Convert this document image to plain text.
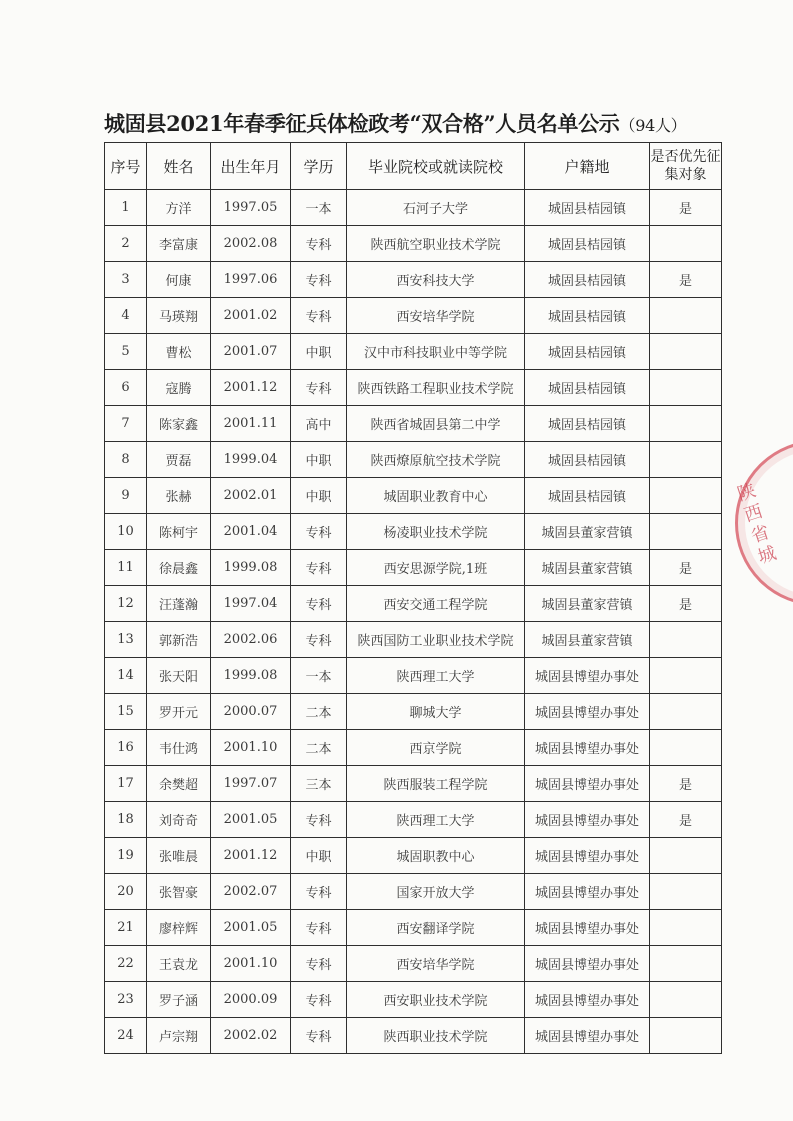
城固县2021年春季征兵体检政考“双合格”人员名单公示（94人）
序号	姓名	出生年月	学历	毕业院校或就读院校	户籍地	是否优先征集对象
1	方洋	1997.05	一本	石河子大学	城固县桔园镇	是
2	李富康	2002.08	专科	陕西航空职业技术学院	城固县桔园镇	
3	何康	1997.06	专科	西安科技大学	城固县桔园镇	是
4	马瑛翔	2001.02	专科	西安培华学院	城固县桔园镇	
5	曹松	2001.07	中职	汉中市科技职业中等学院	城固县桔园镇	
6	寇腾	2001.12	专科	陕西铁路工程职业技术学院	城固县桔园镇	
7	陈家鑫	2001.11	高中	陕西省城固县第二中学	城固县桔园镇	
8	贾磊	1999.04	中职	陕西燎原航空技术学院	城固县桔园镇	
9	张赫	2002.01	中职	城固职业教育中心	城固县桔园镇	
10	陈柯宇	2001.04	专科	杨凌职业技术学院	城固县董家营镇	
11	徐晨鑫	1999.08	专科	西安思源学院,1班	城固县董家营镇	是
12	汪蓬瀚	1997.04	专科	西安交通工程学院	城固县董家营镇	是
13	郭新浩	2002.06	专科	陕西国防工业职业技术学院	城固县董家营镇	
14	张天阳	1999.08	一本	陕西理工大学	城固县博望办事处	
15	罗开元	2000.07	二本	聊城大学	城固县博望办事处	
16	韦仕鸿	2001.10	二本	西京学院	城固县博望办事处	
17	余樊超	1997.07	三本	陕西服装工程学院	城固县博望办事处	是
18	刘奇奇	2001.05	专科	陕西理工大学	城固县博望办事处	是
19	张唯晨	2001.12	中职	城固职教中心	城固县博望办事处	
20	张智豪	2002.07	专科	国家开放大学	城固县博望办事处	
21	廖梓辉	2001.05	专科	西安翻译学院	城固县博望办事处	
22	王袁龙	2001.10	专科	西安培华学院	城固县博望办事处	
23	罗子涵	2000.09	专科	西安职业技术学院	城固县博望办事处	
24	卢宗翔	2002.02	专科	陕西职业技术学院	城固县博望办事处	
陕西省城
